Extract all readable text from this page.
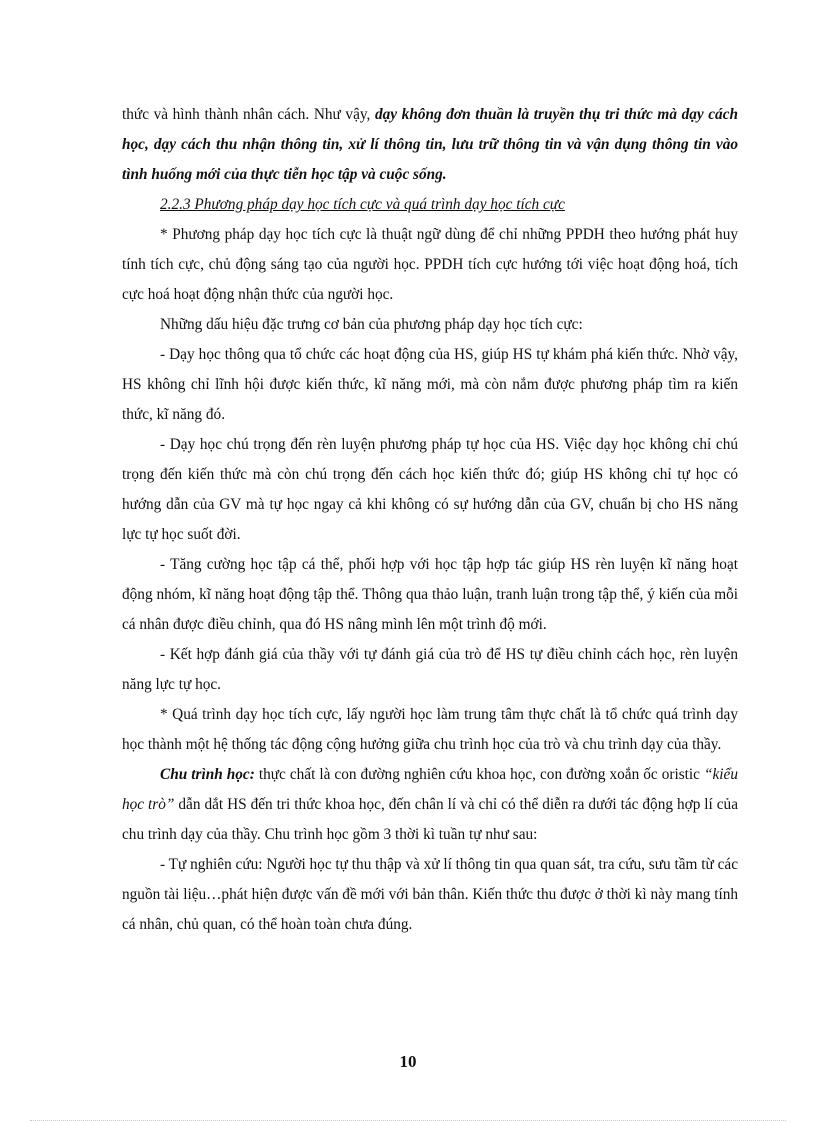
thức và hình thành nhân cách. Như vậy, dạy không đơn thuần là truyền thụ tri thức mà dạy cách học, dạy cách thu nhận thông tin, xử lí thông tin, lưu trữ thông tin và vận dụng thông tin vào tình huống mới của thực tiễn học tập và cuộc sống.

2.2.3 Phương pháp dạy học tích cực và quá trình dạy học tích cực

* Phương pháp dạy học tích cực là thuật ngữ dùng để chỉ những PPDH theo hướng phát huy tính tích cực, chủ động sáng tạo của người học. PPDH tích cực hướng tới việc hoạt động hoá, tích cực hoá hoạt động nhận thức của người học.

Những dấu hiệu đặc trưng cơ bản của phương pháp dạy học tích cực:

- Dạy học thông qua tổ chức các hoạt động của HS, giúp HS tự khám phá kiến thức. Nhờ vậy, HS không chỉ lĩnh hội được kiến thức, kĩ năng mới, mà còn nắm được phương pháp tìm ra kiến thức, kĩ năng đó.

- Dạy học chú trọng đến rèn luyện phương pháp tự học của HS. Việc dạy học không chỉ chú trọng đến kiến thức mà còn chú trọng đến cách học kiến thức đó; giúp HS không chỉ tự học có hướng dẫn của GV mà tự học ngay cả khi không có sự hướng dẫn của GV, chuẩn bị cho HS năng lực tự học suốt đời.

- Tăng cường học tập cá thể, phối hợp với học tập hợp tác giúp HS rèn luyện kĩ năng hoạt động nhóm, kĩ năng hoạt động tập thể. Thông qua thảo luận, tranh luận trong tập thể, ý kiến của mỗi cá nhân được điều chỉnh, qua đó HS nâng mình lên một trình độ mới.

- Kết hợp đánh giá của thầy với tự đánh giá của trò để HS tự điều chỉnh cách học, rèn luyện năng lực tự học.

* Quá trình dạy học tích cực, lấy người học làm trung tâm thực chất là tổ chức quá trình dạy học thành một hệ thống tác động cộng hưởng giữa chu trình học của trò và chu trình dạy của thầy.

Chu trình học: thực chất là con đường nghiên cứu khoa học, con đường xoắn ốc oristic “kiểu học trò” dẫn dắt HS đến tri thức khoa học, đến chân lí và chỉ có thể diễn ra dưới tác động hợp lí của chu trình dạy của thầy. Chu trình học gồm 3 thời kì tuần tự như sau:

- Tự nghiên cứu: Người học tự thu thập và xử lí thông tin qua quan sát, tra cứu, sưu tầm từ các nguồn tài liệu…phát hiện được vấn đề mới với bản thân. Kiến thức thu được ở thời kì này mang tính cá nhân, chủ quan, có thể hoàn toàn chưa đúng.

10
